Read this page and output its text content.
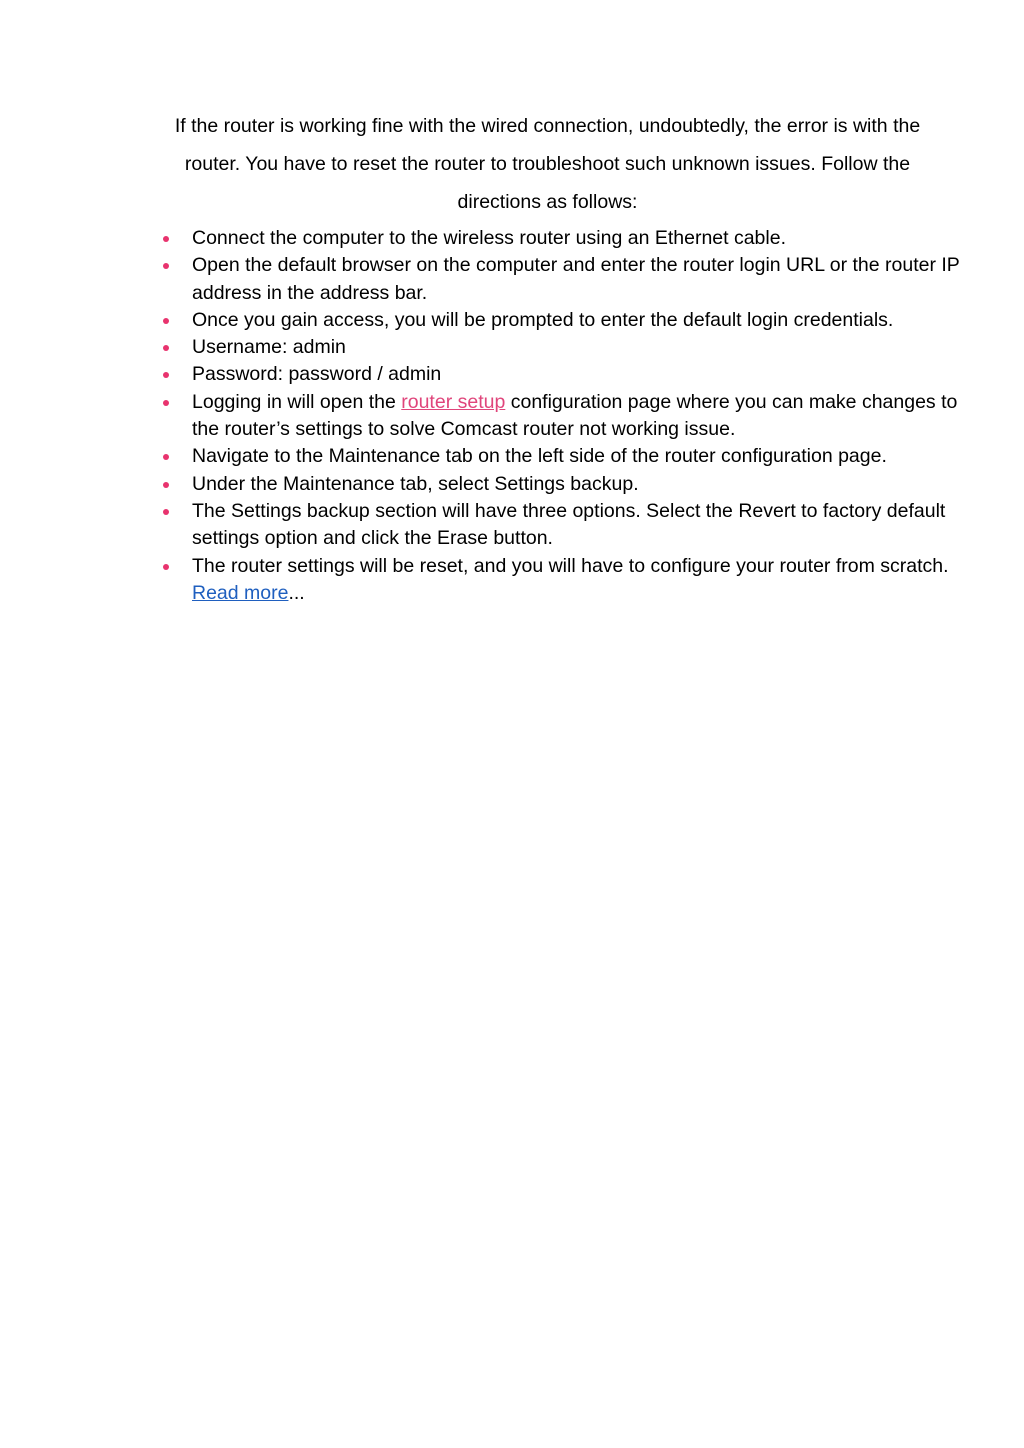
If the router is working fine with the wired connection, undoubtedly, the error is with the
router. You have to reset the router to troubleshoot such unknown issues. Follow the
directions as follows:

Connect the computer to the wireless router using an Ethernet cable.
Open the default browser on the computer and enter the router login URL or the router IP address in the address bar.
Once you gain access, you will be prompted to enter the default login credentials.
Username: admin
Password: password / admin
Logging in will open the router setup configuration page where you can make changes to the router’s settings to solve Comcast router not working issue.
Navigate to the Maintenance tab on the left side of the router configuration page.
Under the Maintenance tab, select Settings backup.
The Settings backup section will have three options. Select the Revert to factory default settings option and click the Erase button.
The router settings will be reset, and you will have to configure your router from scratch. Read more...
